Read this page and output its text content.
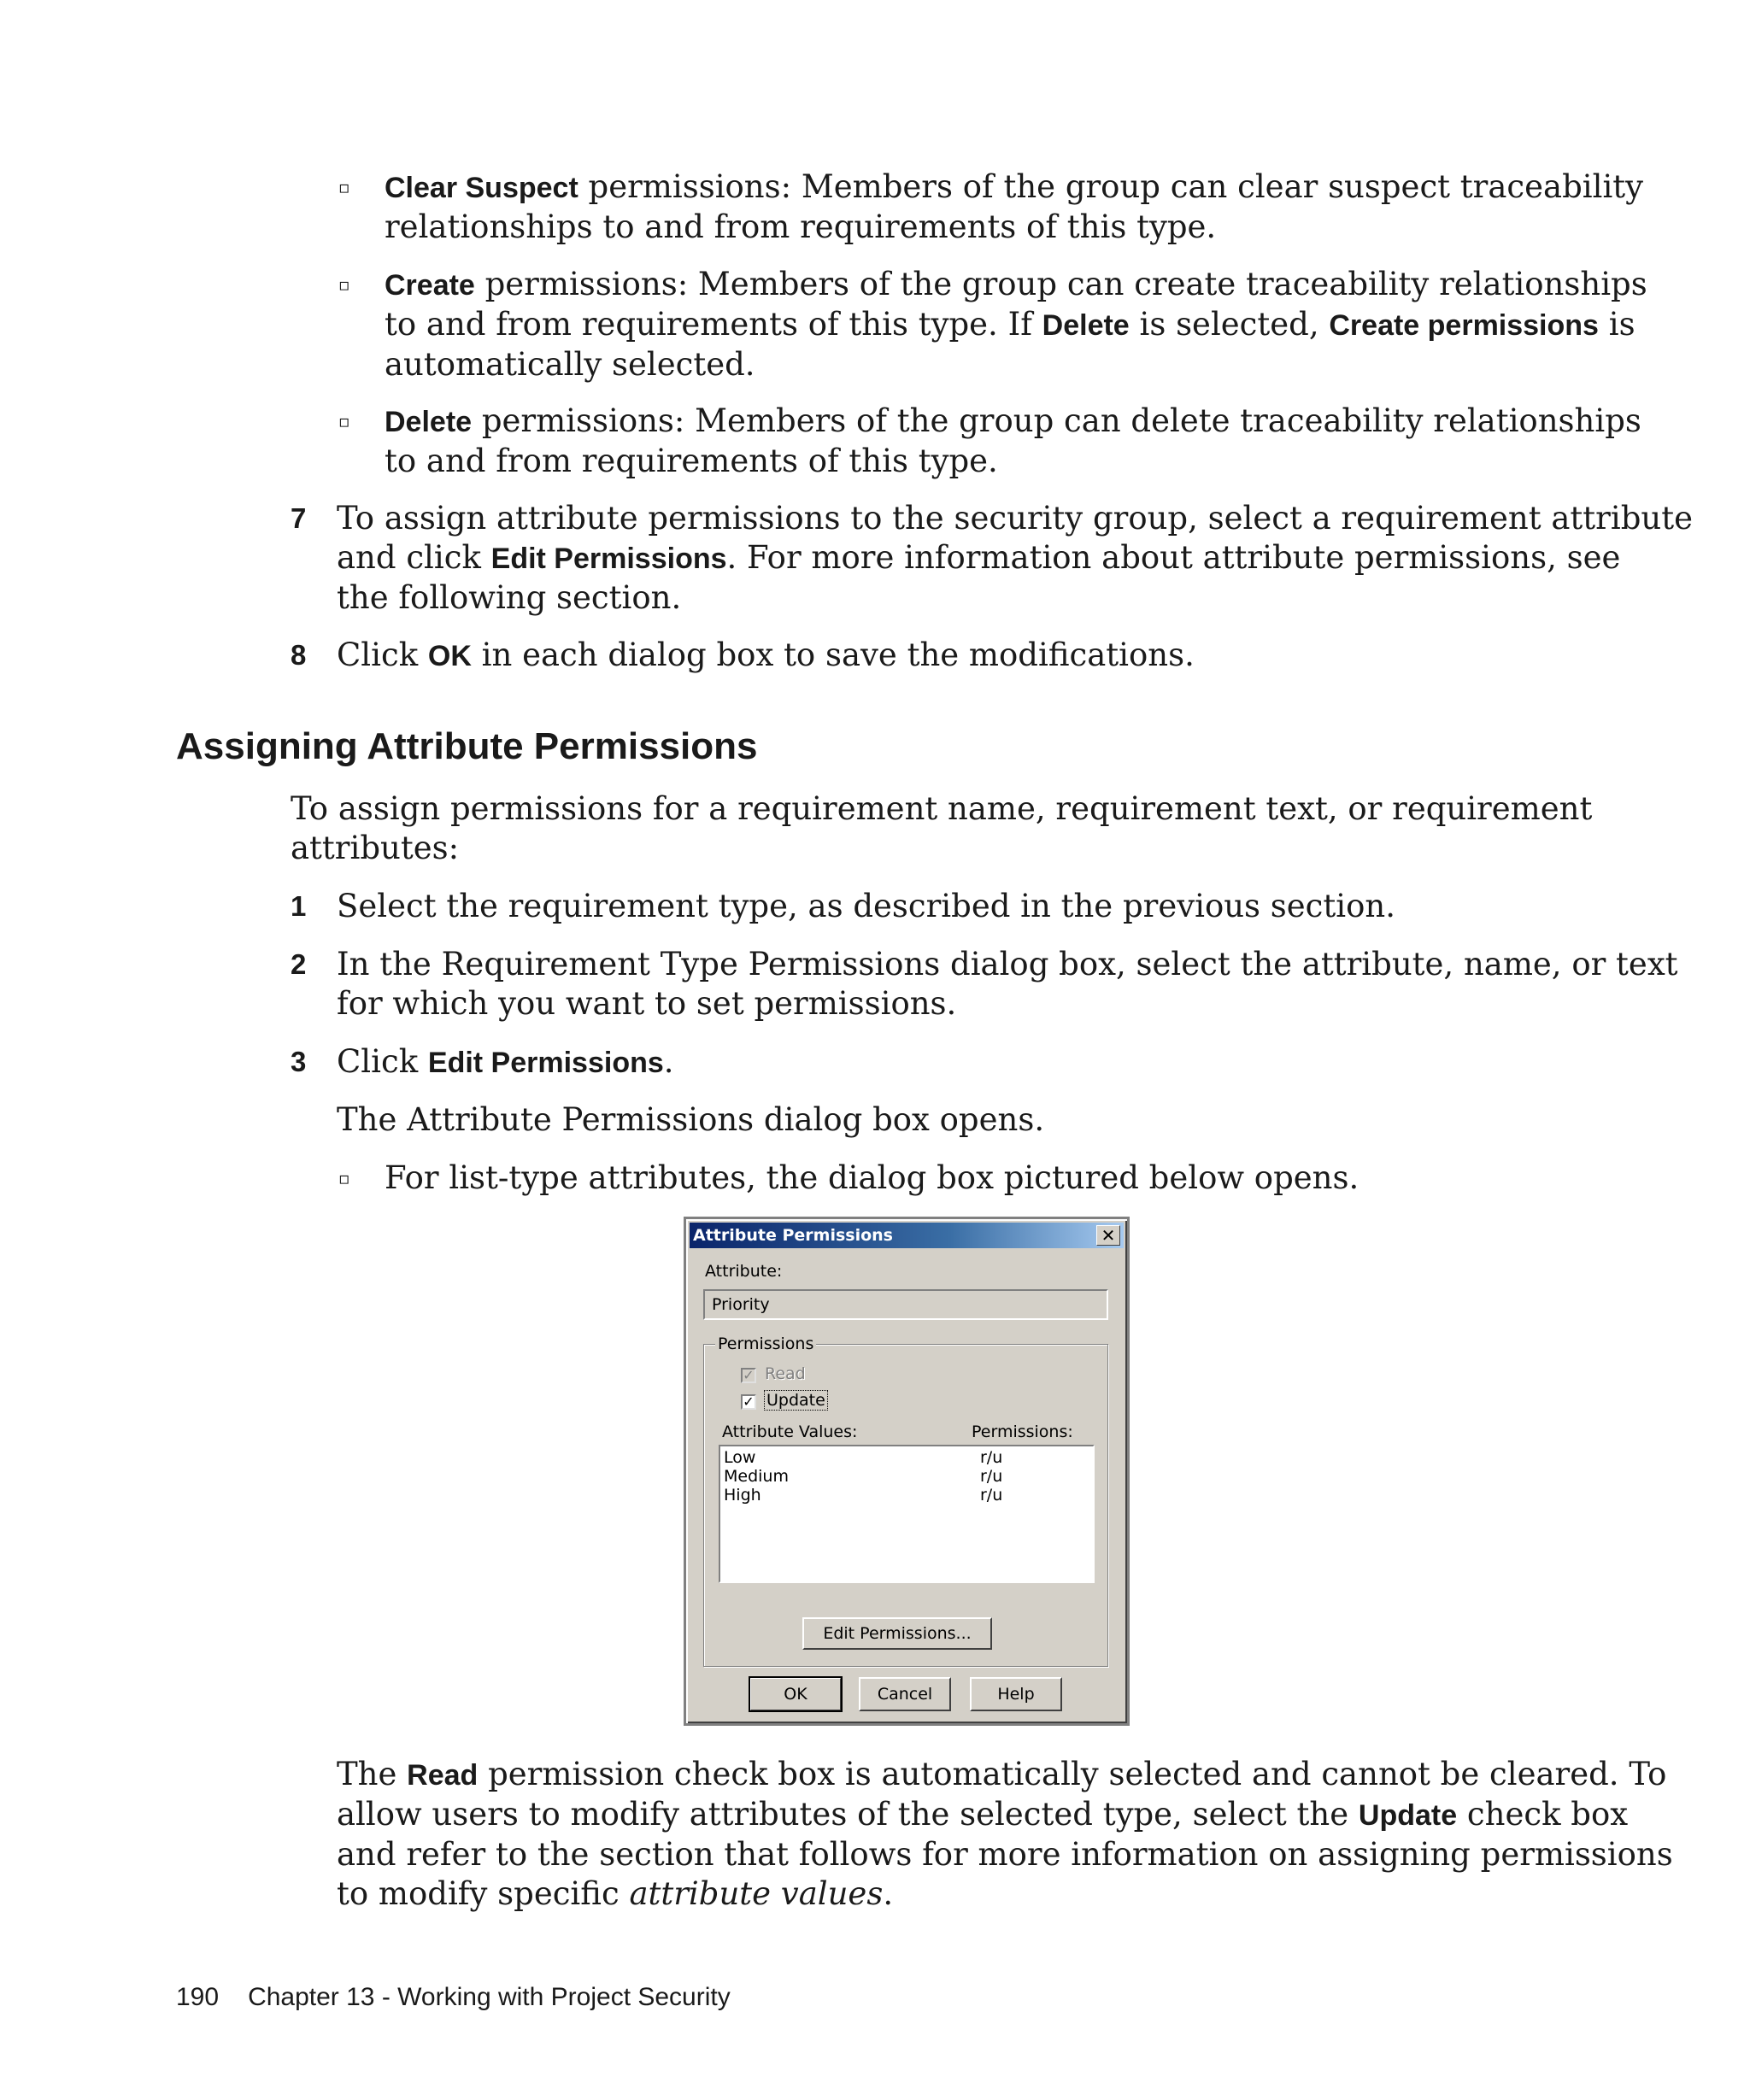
▫ Clear Suspect permissions: Members of the group can clear suspect traceability
relationships to and from requirements of this type.
▫ Create permissions: Members of the group can create traceability relationships
to and from requirements of this type. If Delete is selected, Create permissions is
automatically selected.
▫ Delete permissions: Members of the group can delete traceability relationships
to and from requirements of this type.
7 To assign attribute permissions to the security group, select a requirement attribute
and click Edit Permissions. For more information about attribute permissions, see
the following section.
8 Click OK in each dialog box to save the modifications.
Assigning Attribute Permissions
To assign permissions for a requirement name, requirement text, or requirement
attributes:
1 Select the requirement type, as described in the previous section.
2 In the Requirement Type Permissions dialog box, select the attribute, name, or text
for which you want to set permissions.
3 Click Edit Permissions.
The Attribute Permissions dialog box opens.
▫ For list-type attributes, the dialog box pictured below opens.
Attribute Permissions	✕
Attribute:
Priority
Permissions
✓ Read
✓ Update
Attribute Values:	Permissions:
Low	r/u
Medium	r/u
High	r/u
Edit Permissions...
OK	Cancel	Help
The Read permission check box is automatically selected and cannot be cleared. To
allow users to modify attributes of the selected type, select the Update check box
and refer to the section that follows for more information on assigning permissions
to modify specific attribute values.
190 Chapter 13 - Working with Project Security
